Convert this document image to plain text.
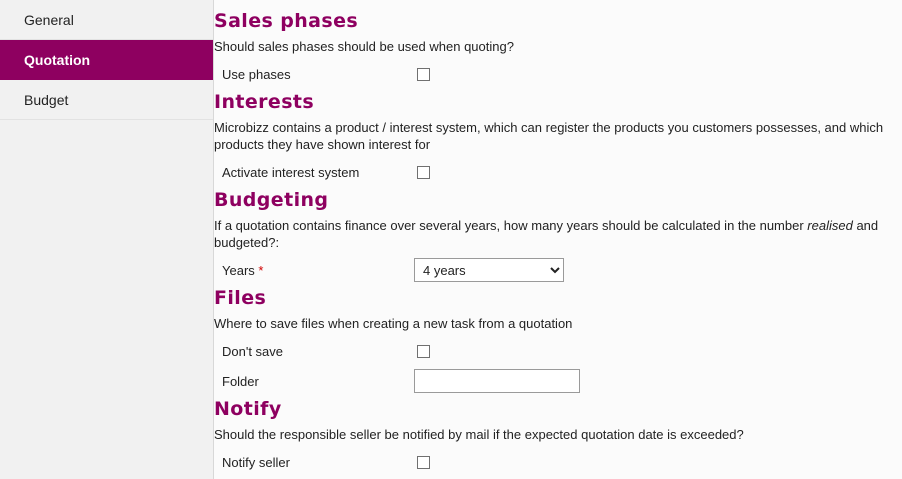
General
Quotation
Budget
Sales phases

Should sales phases should be used when quoting?

Use phases
Interests

Microbizz contains a product / interest system, which can register the products you customers possesses, and which products they have shown interest for

Activate interest system
Budgeting

If a quotation contains finance over several years, how many years should be calculated in the number realised and budgeted?:

Years *
4 years
Files

Where to save files when creating a new task from a quotation

Don't save
Folder
Notify

Should the responsible seller be notified by mail if the expected quotation date is exceeded?

Notify seller
